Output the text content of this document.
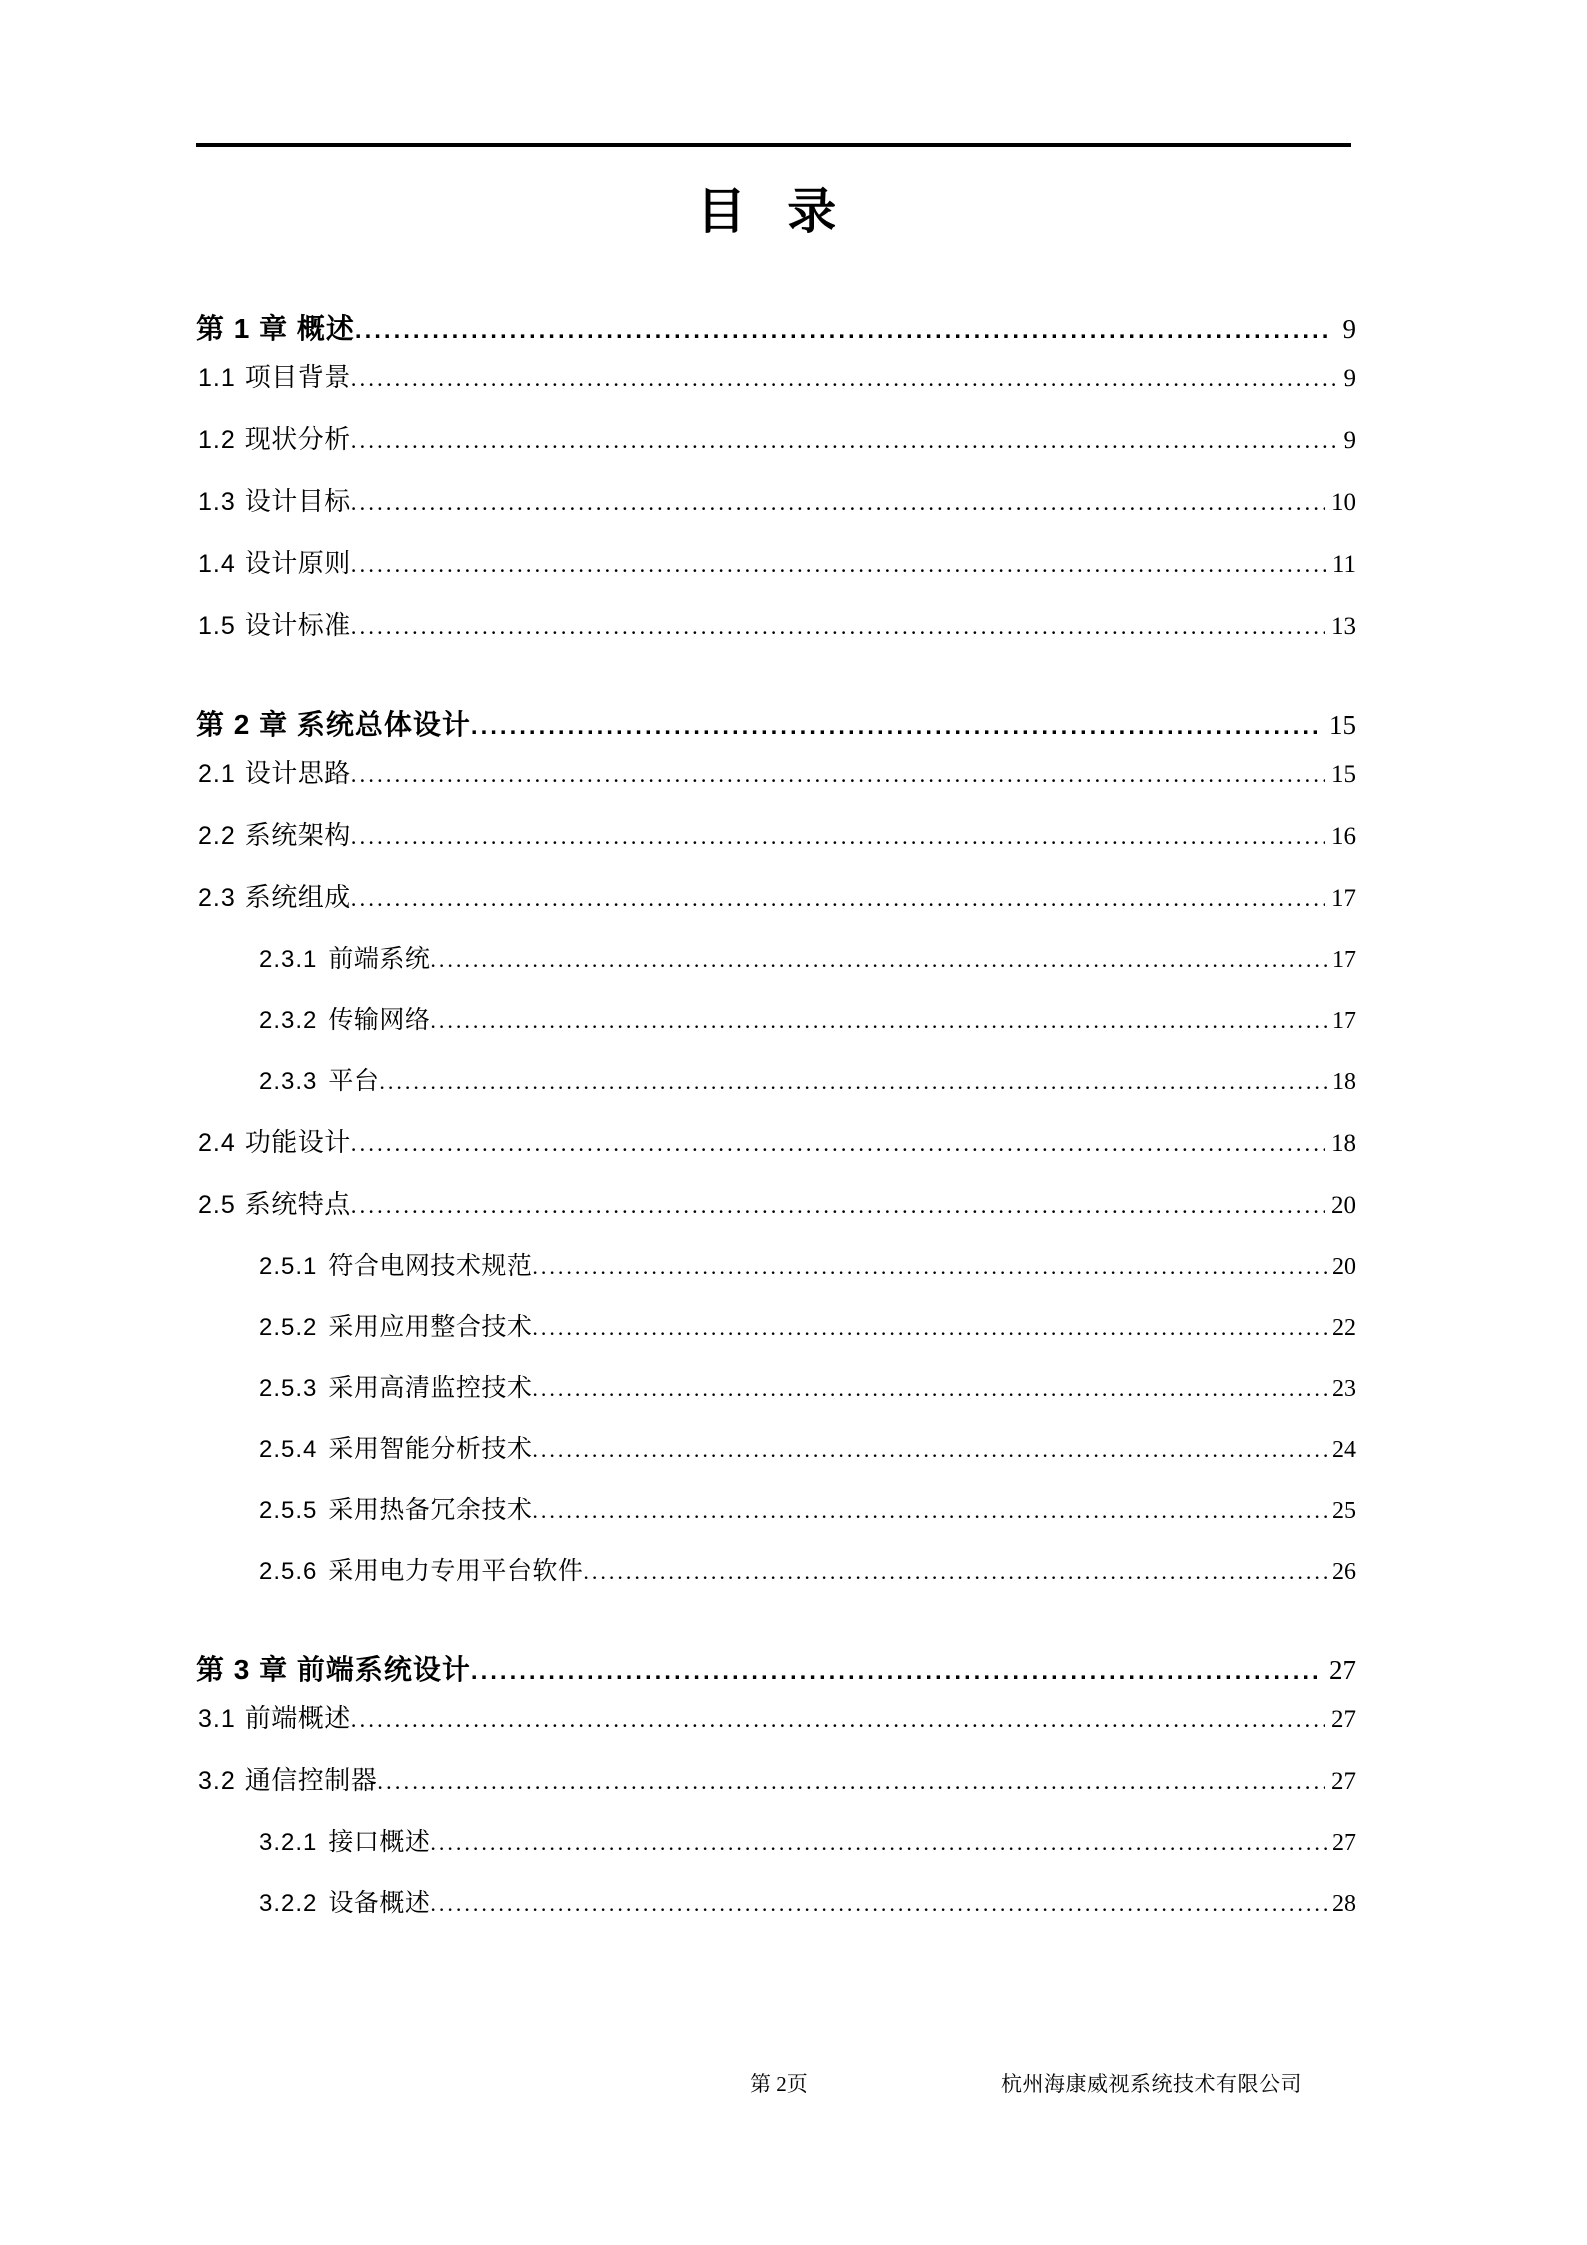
目 录
第 1 章 概述 .....	9
1.1 项目背景 .....	9
1.2 现状分析 .....	9
1.3 设计目标 .....	10
1.4 设计原则 .....	11
1.5 设计标准 .....	13
第 2 章 系统总体设计 .....	15
2.1 设计思路 .....	15
2.2 系统架构 .....	16
2.3 系统组成 .....	17
2.3.1 前端系统 .....	17
2.3.2 传输网络 .....	17
2.3.3 平台 .....	18
2.4 功能设计 .....	18
2.5 系统特点 .....	20
2.5.1 符合电网技术规范 .....	20
2.5.2 采用应用整合技术 .....	22
2.5.3 采用高清监控技术 .....	23
2.5.4 采用智能分析技术 .....	24
2.5.5 采用热备冗余技术 .....	25
2.5.6 采用电力专用平台软件 .....	26
第 3 章 前端系统设计 .....	27
3.1 前端概述 .....	27
3.2 通信控制器 .....	27
3.2.1 接口概述 .....	27
3.2.2 设备概述 .....	28
第 2页	杭州海康威视系统技术有限公司
